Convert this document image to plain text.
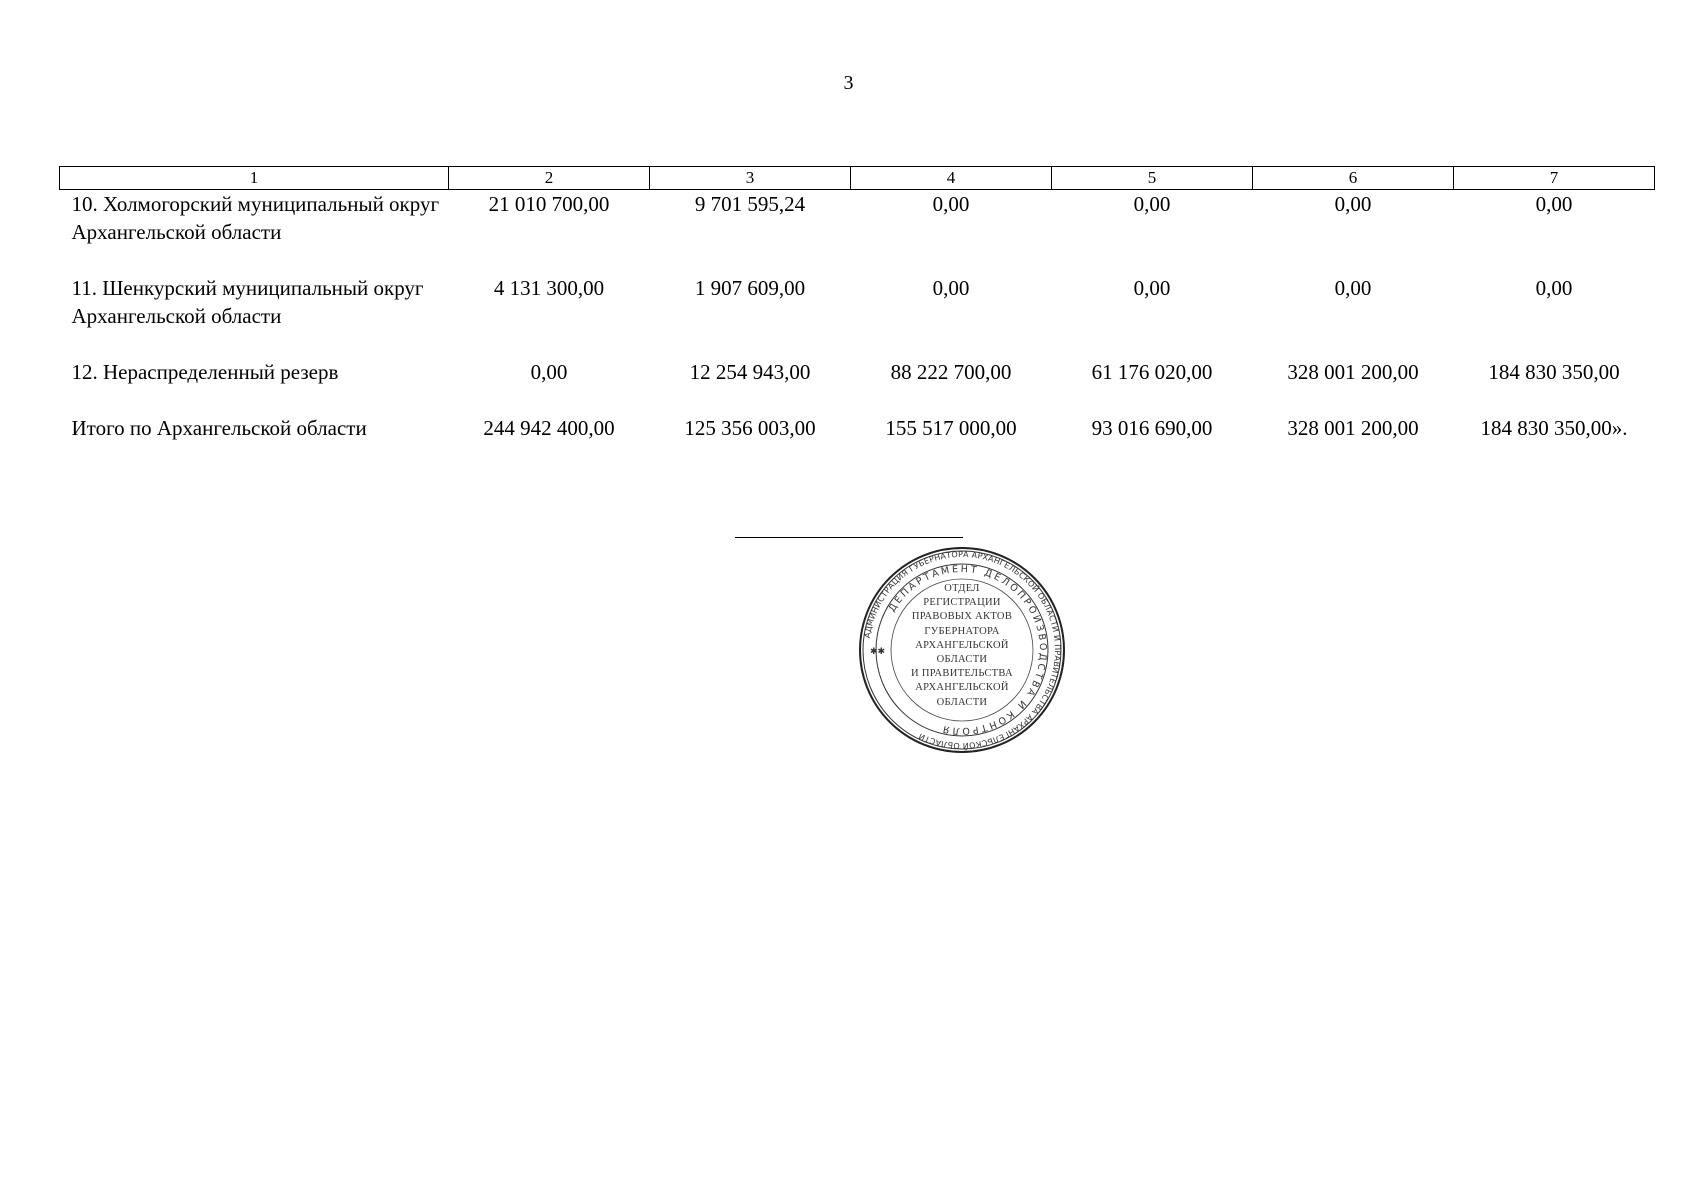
3
1	2	3	4	5	6	7
10. Холмогорский муниципальный округ Архангельской области	21 010 700,00	9 701 595,24	0,00	0,00	0,00	0,00
11. Шенкурский муниципальный округ Архангельской области	4 131 300,00	1 907 609,00	0,00	0,00	0,00	0,00
12. Нераспределенный резерв	0,00	12 254 943,00	88 222 700,00	61 176 020,00	328 001 200,00	184 830 350,00
Итого по Архангельской области	244 942 400,00	125 356 003,00	155 517 000,00	93 016 690,00	328 001 200,00	184 830 350,00».
АДМИНИСТРАЦИЯ ГУБЕРНАТОРА АРХАНГЕЛЬСКОЙ ОБЛАСТИ И ПРАВИТЕЛЬСТВА АРХАНГЕЛЬСКОЙ ОБЛАСТИ
ДЕПАРТАМЕНТ ДЕЛОПРОИЗВОДСТВА И КОНТРОЛЯ
✱✱
ОТДЕЛ
РЕГИСТРАЦИИ
ПРАВОВЫХ АКТОВ
ГУБЕРНАТОРА
АРХАНГЕЛЬСКОЙ
ОБЛАСТИ
И ПРАВИТЕЛЬСТВА
АРХАНГЕЛЬСКОЙ
ОБЛАСТИ
